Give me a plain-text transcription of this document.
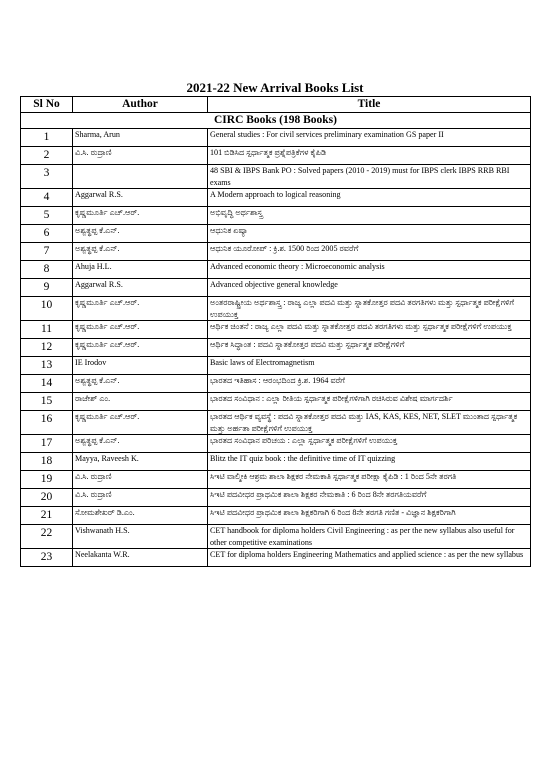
2021-22 New Arrival Books List
Sl No	Author	Title
CIRC Books (198 Books)		
1	Sharma, Arun	General studies : For civil services preliminary examination GS paper II
2	ವಿ.ಸಿ. ರುದ್ರಾಣಿ	101 ಬಿಡಿಸಿದ ಸ್ಪರ್ಧಾತ್ಮಕ ಪ್ರಶ್ನೆಪತ್ರಿಕೆಗಳ ಕೈಪಿಡಿ
3		48 SBI & IBPS Bank PO : Solved papers (2010 - 2019) must for IBPS clerk IBPS RRB RBI exams
4	Aggarwal R.S.	A Modern approach to logical reasoning
5	ಕೃಷ್ಣಮೂರ್ತಿ ಎಚ್.ಆರ್.	ಅಭಿವೃದ್ಧಿ ಅರ್ಥಶಾಸ್ತ್ರ
6	ಅಶ್ವತ್ಥಪ್ಪ ಕೆ.ಎನ್.	ಆಧುನಿಕ ಏಷ್ಯಾ
7	ಅಶ್ವತ್ಥಪ್ಪ ಕೆ.ಎನ್.	ಆಧುನಿಕ ಯೂರೋಪ್ : ಕ್ರಿ.ಶ. 1500 ರಿಂದ 2005 ರವರೆಗೆ
8	Ahuja H.L.	Advanced economic theory : Microeconomic analysis
9	Aggarwal R.S.	Advanced objective general knowledge
10	ಕೃಷ್ಣಮೂರ್ತಿ ಎಚ್.ಆರ್.	ಅಂತರರಾಷ್ಟ್ರೀಯ ಅರ್ಥಶಾಸ್ತ್ರ : ರಾಜ್ಯ ಎಲ್ಲಾ ಪದವಿ ಮತ್ತು ಸ್ನಾತಕೋತ್ತರ ಪದವಿ ತರಗತಿಗಳು ಮತ್ತು ಸ್ಪರ್ಧಾತ್ಮಕ ಪರೀಕ್ಷೆಗಳಿಗೆ ಉಪಯುಕ್ತ
11	ಕೃಷ್ಣಮೂರ್ತಿ ಎಚ್.ಆರ್.	ಆರ್ಥಿಕ ಚಿಂತನೆ : ರಾಜ್ಯ ಎಲ್ಲಾ ಪದವಿ ಮತ್ತು ಸ್ನಾತಕೋತ್ತರ ಪದವಿ ತರಗತಿಗಳು ಮತ್ತು ಸ್ಪರ್ಧಾತ್ಮಕ ಪರೀಕ್ಷೆಗಳಿಗೆ ಉಪಯುಕ್ತ
12	ಕೃಷ್ಣಮೂರ್ತಿ ಎಚ್.ಆರ್.	ಆರ್ಥಿಕ ಸಿದ್ಧಾಂತ : ಪದವಿ ಸ್ನಾತಕೋತ್ತರ ಪದವಿ ಮತ್ತು ಸ್ಪರ್ಧಾತ್ಮಕ ಪರೀಕ್ಷೆಗಳಿಗೆ
13	IE Irodov	Basic laws of Electromagnetism
14	ಅಶ್ವತ್ಥಪ್ಪ ಕೆ.ಎನ್.	ಭಾರತದ ಇತಿಹಾಸ : ಆರಂಭದಿಂದ ಕ್ರಿ.ಶ. 1964 ವರೆಗೆ
15	ರಾಜೇಶ್ ಎಂ.	ಭಾರತದ ಸಂವಿಧಾನ : ಎಲ್ಲಾ ರೀತಿಯ ಸ್ಪರ್ಧಾತ್ಮಕ ಪರೀಕ್ಷೆಗಳಿಗಾಗಿ ರಚಿಸಿರುವ ವಿಶೇಷ ಮಾರ್ಗದರ್ಶಿ
16	ಕೃಷ್ಣಮೂರ್ತಿ ಎಚ್.ಆರ್.	ಭಾರತದ ಆರ್ಥಿಕ ವ್ಯವಸ್ಥೆ : ಪದವಿ ಸ್ನಾತಕೋತ್ತರ ಪದವಿ ಮತ್ತು IAS, KAS, KES, NET, SLET ಮುಂತಾದ ಸ್ಪರ್ಧಾತ್ಮಕ ಮತ್ತು ಅರ್ಹತಾ ಪರೀಕ್ಷೆಗಳಿಗೆ ಉಪಯುಕ್ತ
17	ಅಶ್ವತ್ಥಪ್ಪ ಕೆ.ಎನ್.	ಭಾರತದ ಸಂವಿಧಾನ ಪರಿಚಯ : ಎಲ್ಲಾ ಸ್ಪರ್ಧಾತ್ಮಕ ಪರೀಕ್ಷೆಗಳಿಗೆ ಉಪಯುಕ್ತ
18	Mayya, Raveesh K.	Blitz the IT quiz book : the definitive time of IT quizzing
19	ವಿ.ಸಿ. ರುದ್ರಾಣಿ	ಸಿಇಟಿ ವಾಲ್ಮೀಕಿ ಆಶ್ರಮ ಶಾಲಾ ಶಿಕ್ಷಕರ ನೇಮಕಾತಿ ಸ್ಪರ್ಧಾತ್ಮಕ ಪರೀಕ್ಷಾ ಕೈಪಿಡಿ : 1 ರಿಂದ 5ನೇ ತರಗತಿ
20	ವಿ.ಸಿ. ರುದ್ರಾಣಿ	ಸಿಇಟಿ ಪದವೀಧರ ಪ್ರಾಥಮಿಕ ಶಾಲಾ ಶಿಕ್ಷಕರ ನೇಮಕಾತಿ : 6 ರಿಂದ 8ನೇ ತರಗತಿಯವರೆಗೆ
21	ಸೋಮಶೇಖರ್ ಡಿ.ಎಂ.	ಸಿಇಟಿ ಪದವೀಧರ ಪ್ರಾಥಮಿಕ ಶಾಲಾ ಶಿಕ್ಷಕರಿಗಾಗಿ 6 ರಿಂದ 8ನೇ ತರಗತಿ ಗಣಿತ - ವಿಜ್ಞಾನ ಶಿಕ್ಷಕರಿಗಾಗಿ
22	Vishwanath H.S.	CET handbook for diploma holders Civil Engineering : as per the new syllabus also useful for other competitive examinations
23	Neelakanta W.R.	CET for diploma holders Engineering Mathematics and applied science : as per the new syllabus
